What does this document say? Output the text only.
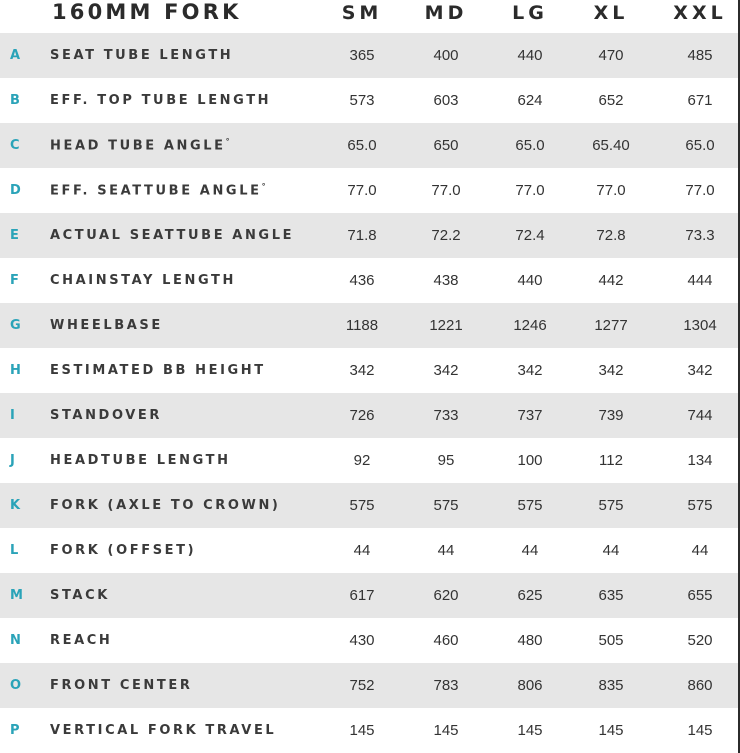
160MM FORK	SM	MD	LG	XL	XXL
A	SEAT TUBE LENGTH	365	400	440	470	485
B	EFF. TOP TUBE LENGTH	573	603	624	652	671
C	HEAD TUBE ANGLE°	65.0	650	65.0	65.40	65.0
D	EFF. SEATTUBE ANGLE°	77.0	77.0	77.0	77.0	77.0
E	ACTUAL SEATTUBE ANGLE	71.8	72.2	72.4	72.8	73.3
F	CHAINSTAY LENGTH	436	438	440	442	444
G	WHEELBASE	1188	1221	1246	1277	1304
H	ESTIMATED BB HEIGHT	342	342	342	342	342
I	STANDOVER	726	733	737	739	744
J	HEADTUBE LENGTH	92	95	100	112	134
K	FORK (AXLE TO CROWN)	575	575	575	575	575
L	FORK (OFFSET)	44	44	44	44	44
M	STACK	617	620	625	635	655
N	REACH	430	460	480	505	520
O	FRONT CENTER	752	783	806	835	860
P	VERTICAL FORK TRAVEL	145	145	145	145	145
